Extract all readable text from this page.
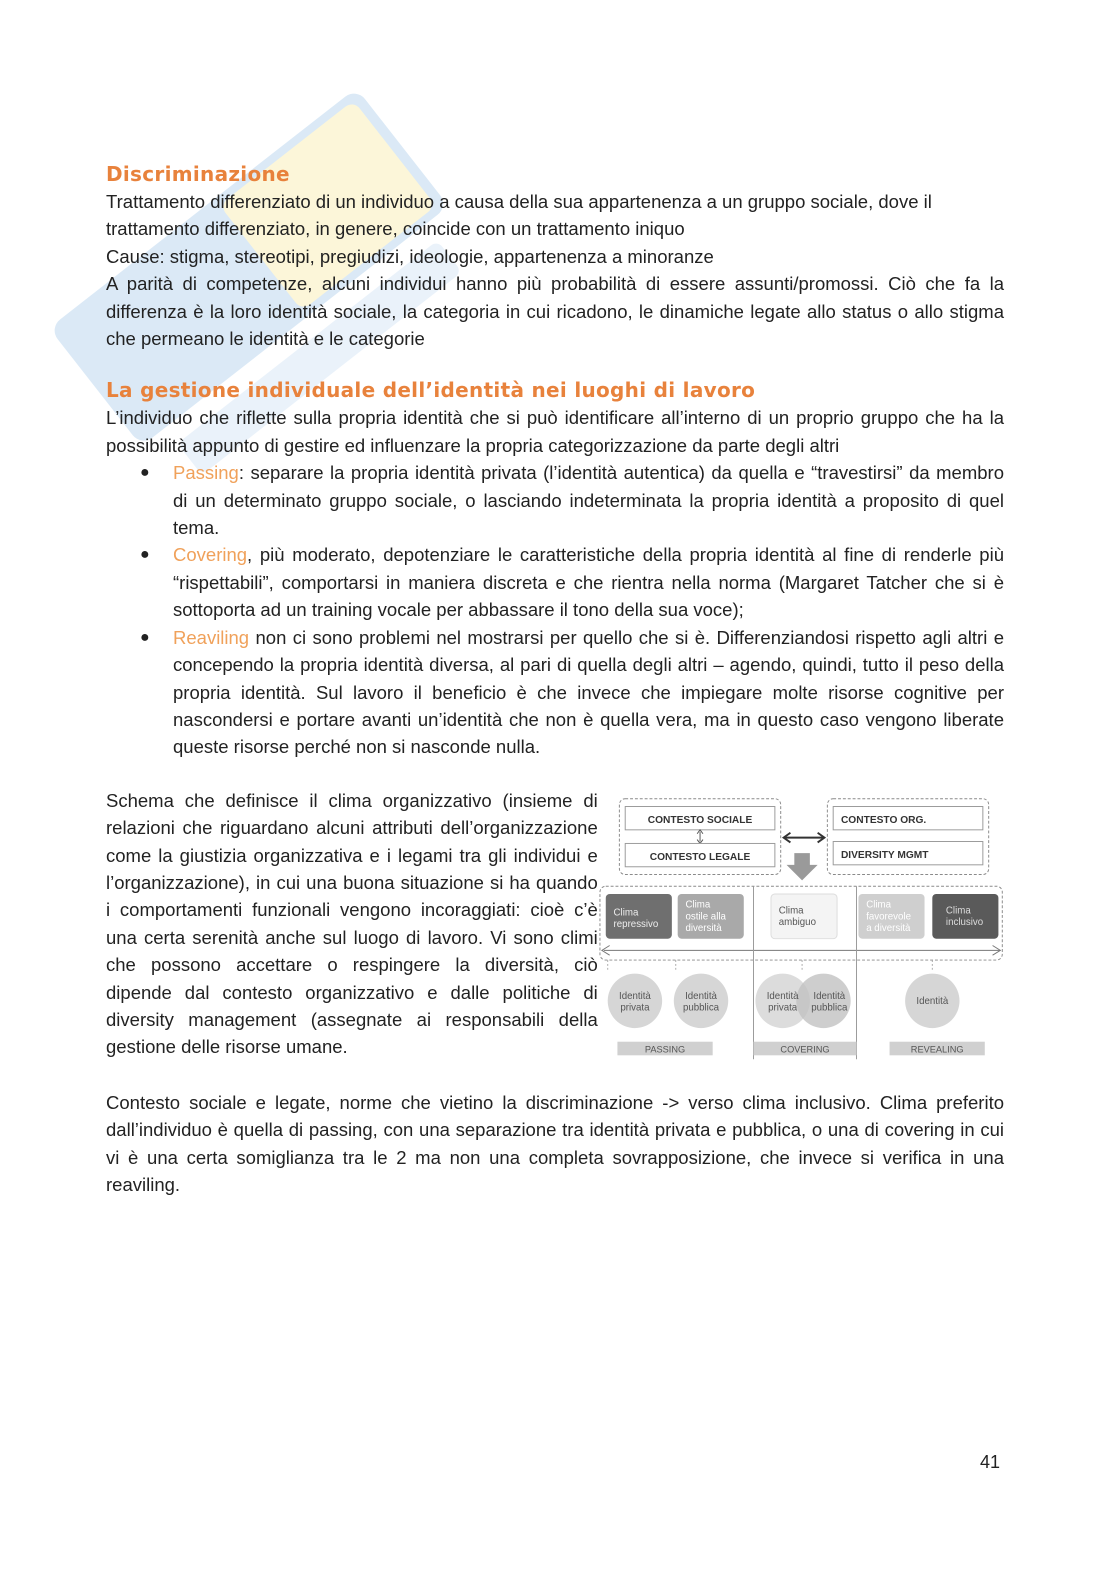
Discriminazione

Trattamento differenziato di un individuo a causa della sua appartenenza a un gruppo sociale, dove il trattamento differenziato, in genere, coincide con un trattamento iniquo

Cause: stigma, stereotipi, pregiudizi, ideologie, appartenenza a minoranze

A parità di competenze, alcuni individui hanno più probabilità di essere assunti/promossi. Ciò che fa la differenza è la loro identità sociale, la categoria in cui ricadono, le dinamiche legate allo status o allo stigma che permeano le identità e le categorie

La gestione individuale dell’identità nei luoghi di lavoro

L’individuo che riflette sulla propria identità che si può identificare all’interno di un proprio gruppo che ha la possibilità appunto di gestire ed influenzare la propria categorizzazione da parte degli altri

● Passing: separare la propria identità privata (l’identità autentica) da quella e “travestirsi” da membro di un determinato gruppo sociale, o lasciando indeterminata la propria identità a proposito di quel tema.
● Covering, più moderato, depotenziare le caratteristiche della propria identità al fine di renderle più “rispettabili”, comportarsi in maniera discreta e che rientra nella norma (Margaret Tatcher che si è sottoporta ad un training vocale per abbassare il tono della sua voce);
● Reaviling non ci sono problemi nel mostrarsi per quello che si è. Differenziandosi rispetto agli altri e concependo la propria identità diversa, al pari di quella degli altri – agendo, quindi, tutto il peso della propria identità. Sul lavoro il beneficio è che invece che impiegare molte risorse cognitive per nascondersi e portare avanti un’identità che non è quella vera, ma in questo caso vengono liberate queste risorse perché non si nasconde nulla.

Schema che definisce il clima organizzativo (insieme di relazioni che riguardano alcuni attributi dell’organizzazione come la giustizia organizzativa e i legami tra gli individui e l’organizzazione), in cui una buona situazione si ha quando i comportamenti funzionali vengono incoraggiati: cioè c’è una certa serenità anche sul luogo di lavoro. Vi sono climi che possono accettare o respingere la diversità, ciò dipende dal contesto organizzativo e dalle politiche di diversity management (assegnate ai responsabili della gestione delle risorse umane.

CONTESTO SOCIALE
CONTESTO LEGALE
CONTESTO ORG.
DIVERSITY MGMT
Clima
repressivo
Clima
ostile alla
diversità
Clima
ambiguo
Clima
favorevole
a diversità
Clima
inclusivo
Identità
privata
Identità
pubblica
Identità
privata
Identità
pubblica
Identità
PASSING	COVERING	REVEALING

Contesto sociale e legate, norme che vietino la discriminazione -> verso clima inclusivo. Clima preferito dall’individuo è quella di passing, con una separazione tra identità privata e pubblica, o una di covering in cui vi è una certa somiglianza tra le 2 ma non una completa sovrapposizione, che invece si verifica in una reaviling.

41
